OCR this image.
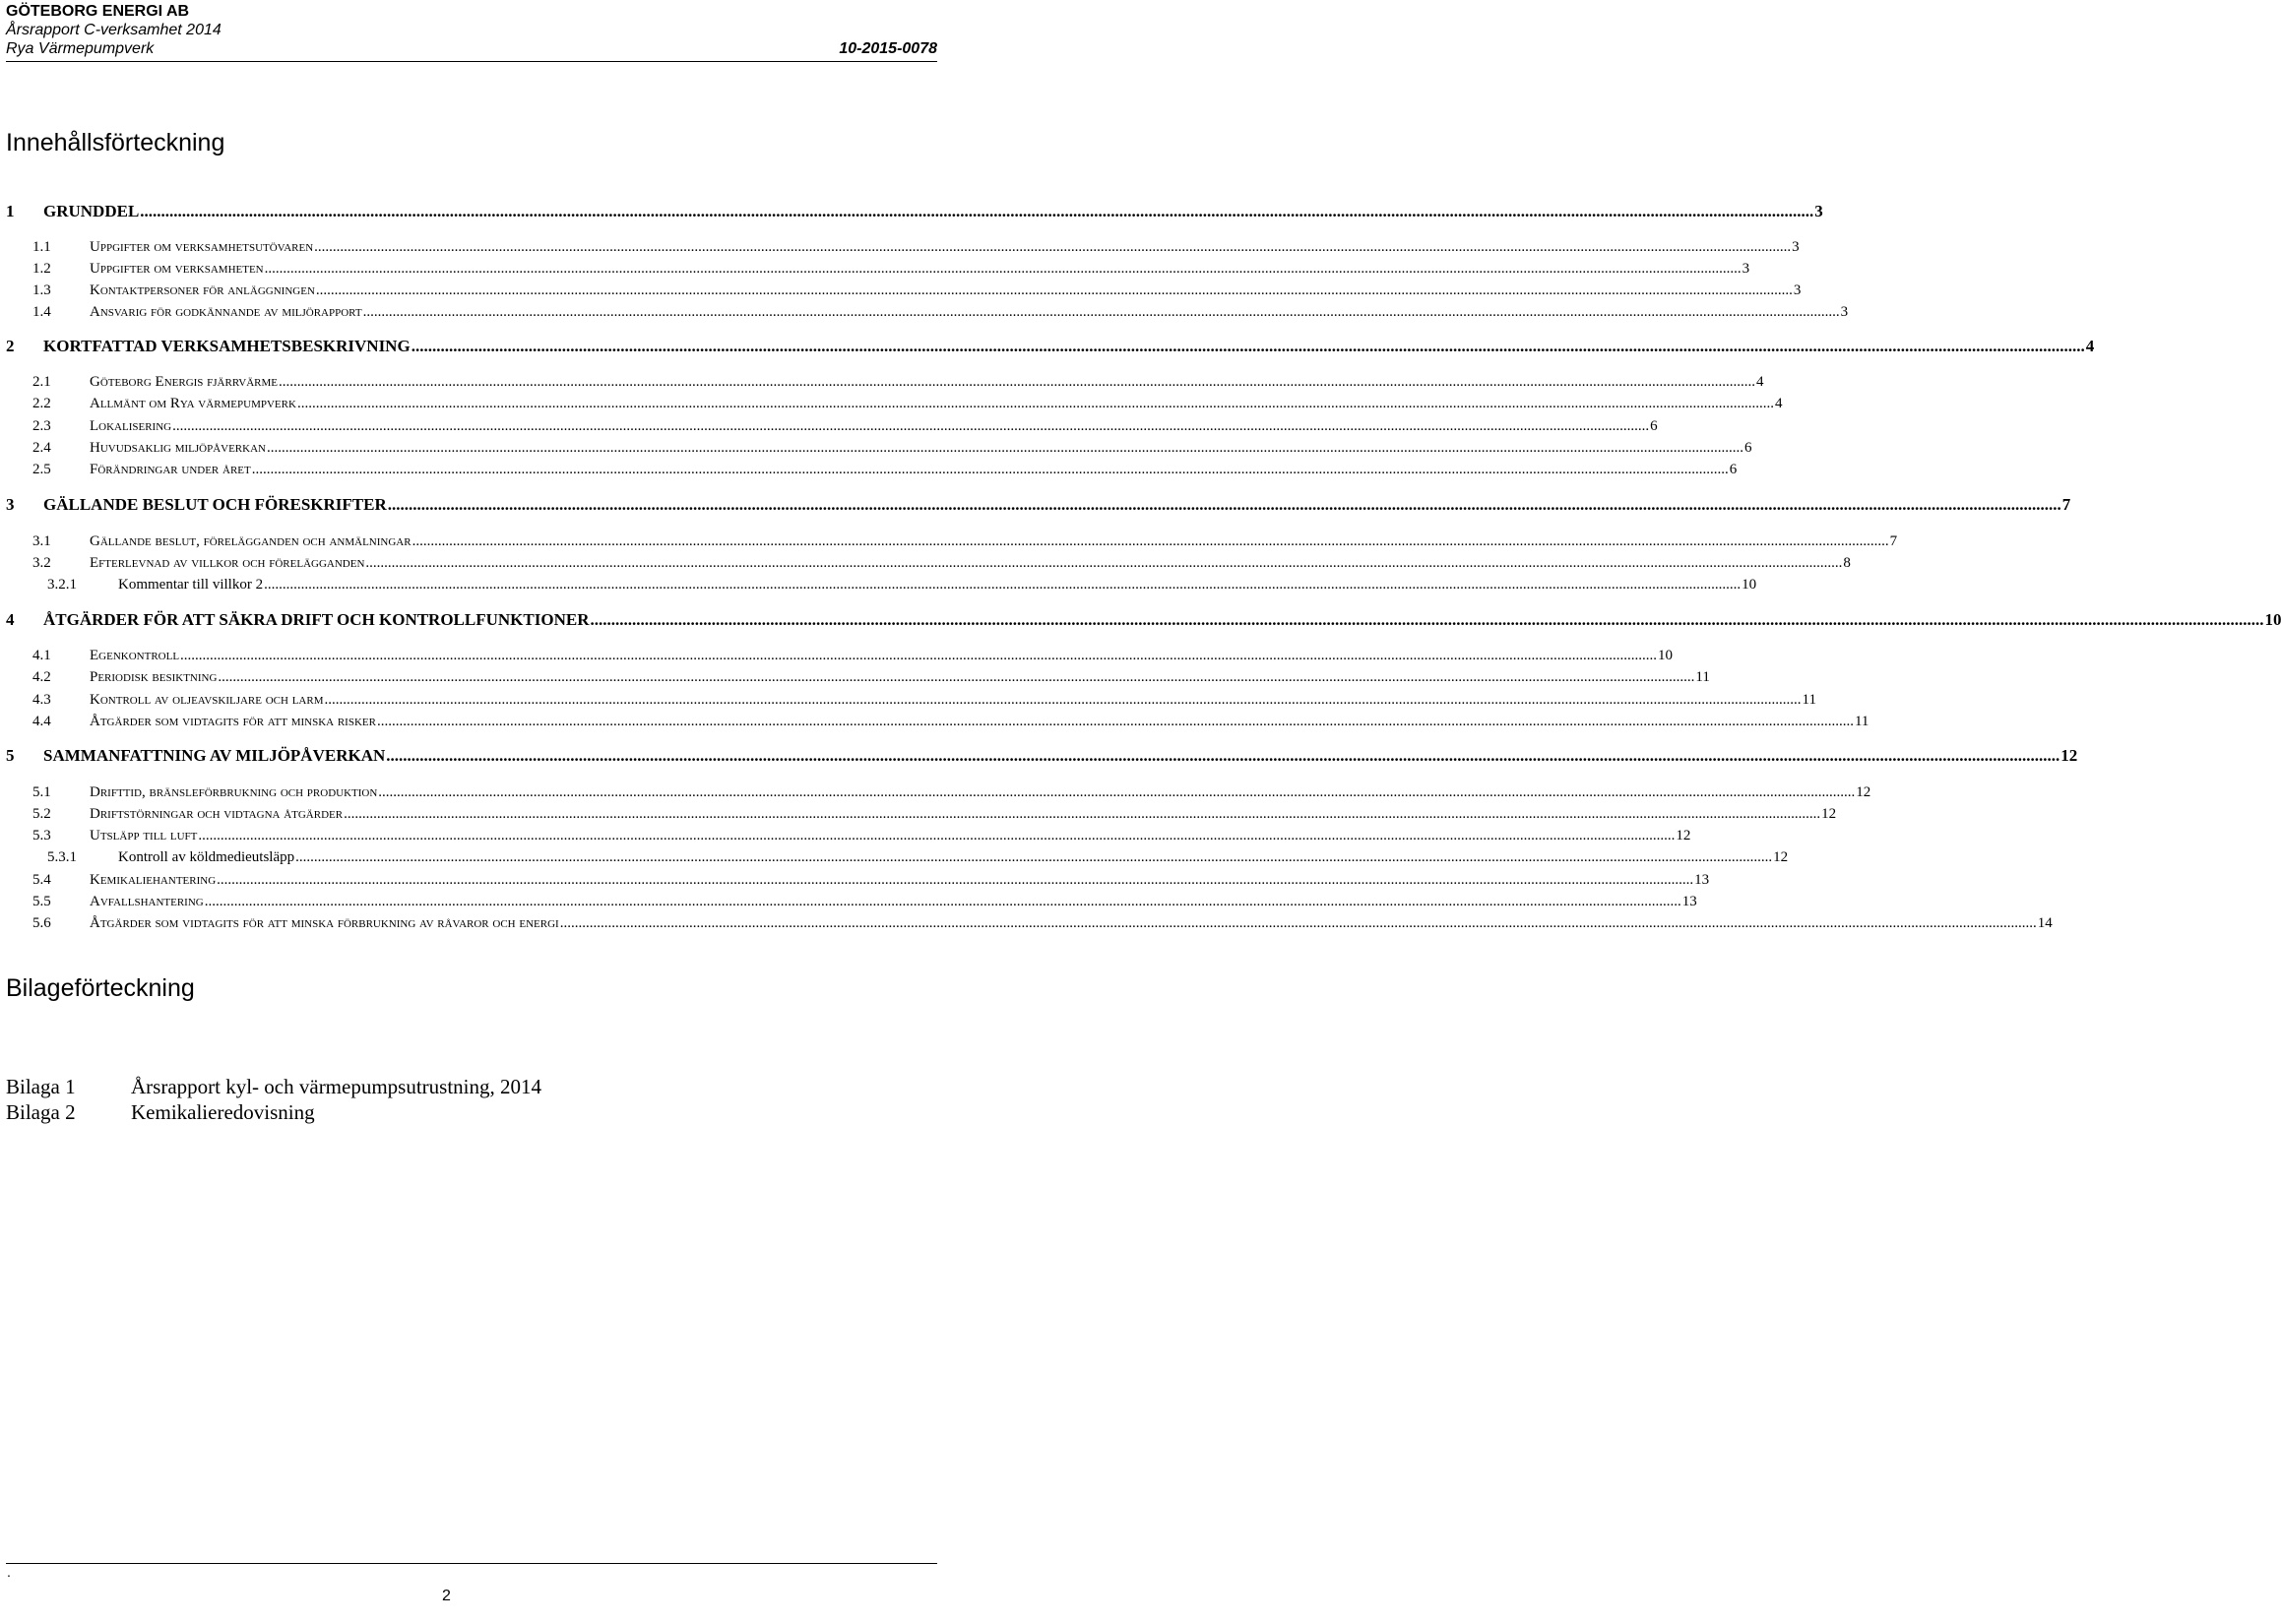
GÖTEBORG ENERGI AB
Årsrapport C-verksamhet 2014
Rya Värmepumpverk	10-2015-0078
Innehållsförteckning
1	GRUNDDEL ................................................................................................................................................................................................................................................................................................................................................................................................................ 3
1.1	Uppgifter om verksamhetsutövaren ................................................................................................................................................................................................................................................................................................................................................................................................................ 3
1.2	Uppgifter om verksamheten ................................................................................................................................................................................................................................................................................................................................................................................................................ 3
1.3	Kontaktpersoner för anläggningen ................................................................................................................................................................................................................................................................................................................................................................................................................ 3
1.4	Ansvarig för godkännande av miljörapport ................................................................................................................................................................................................................................................................................................................................................................................................................ 3
2	KORTFATTAD VERKSAMHETSBESKRIVNING ................................................................................................................................................................................................................................................................................................................................................................................................................ 4
2.1	Göteborg Energis fjärrvärme ................................................................................................................................................................................................................................................................................................................................................................................................................ 4
2.2	Allmänt om Rya värmepumpverk ................................................................................................................................................................................................................................................................................................................................................................................................................ 4
2.3	Lokalisering ................................................................................................................................................................................................................................................................................................................................................................................................................ 6
2.4	Huvudsaklig miljöpåverkan ................................................................................................................................................................................................................................................................................................................................................................................................................ 6
2.5	Förändringar under året ................................................................................................................................................................................................................................................................................................................................................................................................................ 6
3	GÄLLANDE BESLUT OCH FÖRESKRIFTER ................................................................................................................................................................................................................................................................................................................................................................................................................ 7
3.1	Gällande beslut, förelägganden och anmälningar ................................................................................................................................................................................................................................................................................................................................................................................................................ 7
3.2	Efterlevnad av villkor och förelägganden ................................................................................................................................................................................................................................................................................................................................................................................................................ 8
3.2.1	Kommentar till villkor 2 ................................................................................................................................................................................................................................................................................................................................................................................................................ 10
4	ÅTGÄRDER FÖR ATT SÄKRA DRIFT OCH KONTROLLFUNKTIONER ................................................................................................................................................................................................................................................................................................................................................................................................................ 10
4.1	Egenkontroll ................................................................................................................................................................................................................................................................................................................................................................................................................ 10
4.2	Periodisk besiktning ................................................................................................................................................................................................................................................................................................................................................................................................................ 11
4.3	Kontroll av oljeavskiljare och larm ................................................................................................................................................................................................................................................................................................................................................................................................................ 11
4.4	Åtgärder som vidtagits för att minska risker ................................................................................................................................................................................................................................................................................................................................................................................................................ 11
5	SAMMANFATTNING AV MILJÖPÅVERKAN ................................................................................................................................................................................................................................................................................................................................................................................................................ 12
5.1	Drifttid, bränsleförbrukning och produktion ................................................................................................................................................................................................................................................................................................................................................................................................................ 12
5.2	Driftstörningar och vidtagna åtgärder ................................................................................................................................................................................................................................................................................................................................................................................................................ 12
5.3	Utsläpp till luft ................................................................................................................................................................................................................................................................................................................................................................................................................ 12
5.3.1	Kontroll av köldmedieutsläpp ................................................................................................................................................................................................................................................................................................................................................................................................................ 12
5.4	Kemikaliehantering ................................................................................................................................................................................................................................................................................................................................................................................................................ 13
5.5	Avfallshantering ................................................................................................................................................................................................................................................................................................................................................................................................................ 13
5.6	Åtgärder som vidtagits för att minska förbrukning av råvaror och energi ................................................................................................................................................................................................................................................................................................................................................................................................................ 14
Bilageförteckning
Bilaga 1	Årsrapport kyl- och värmepumpsutrustning, 2014
Bilaga 2	Kemikalieredovisning
.
2
